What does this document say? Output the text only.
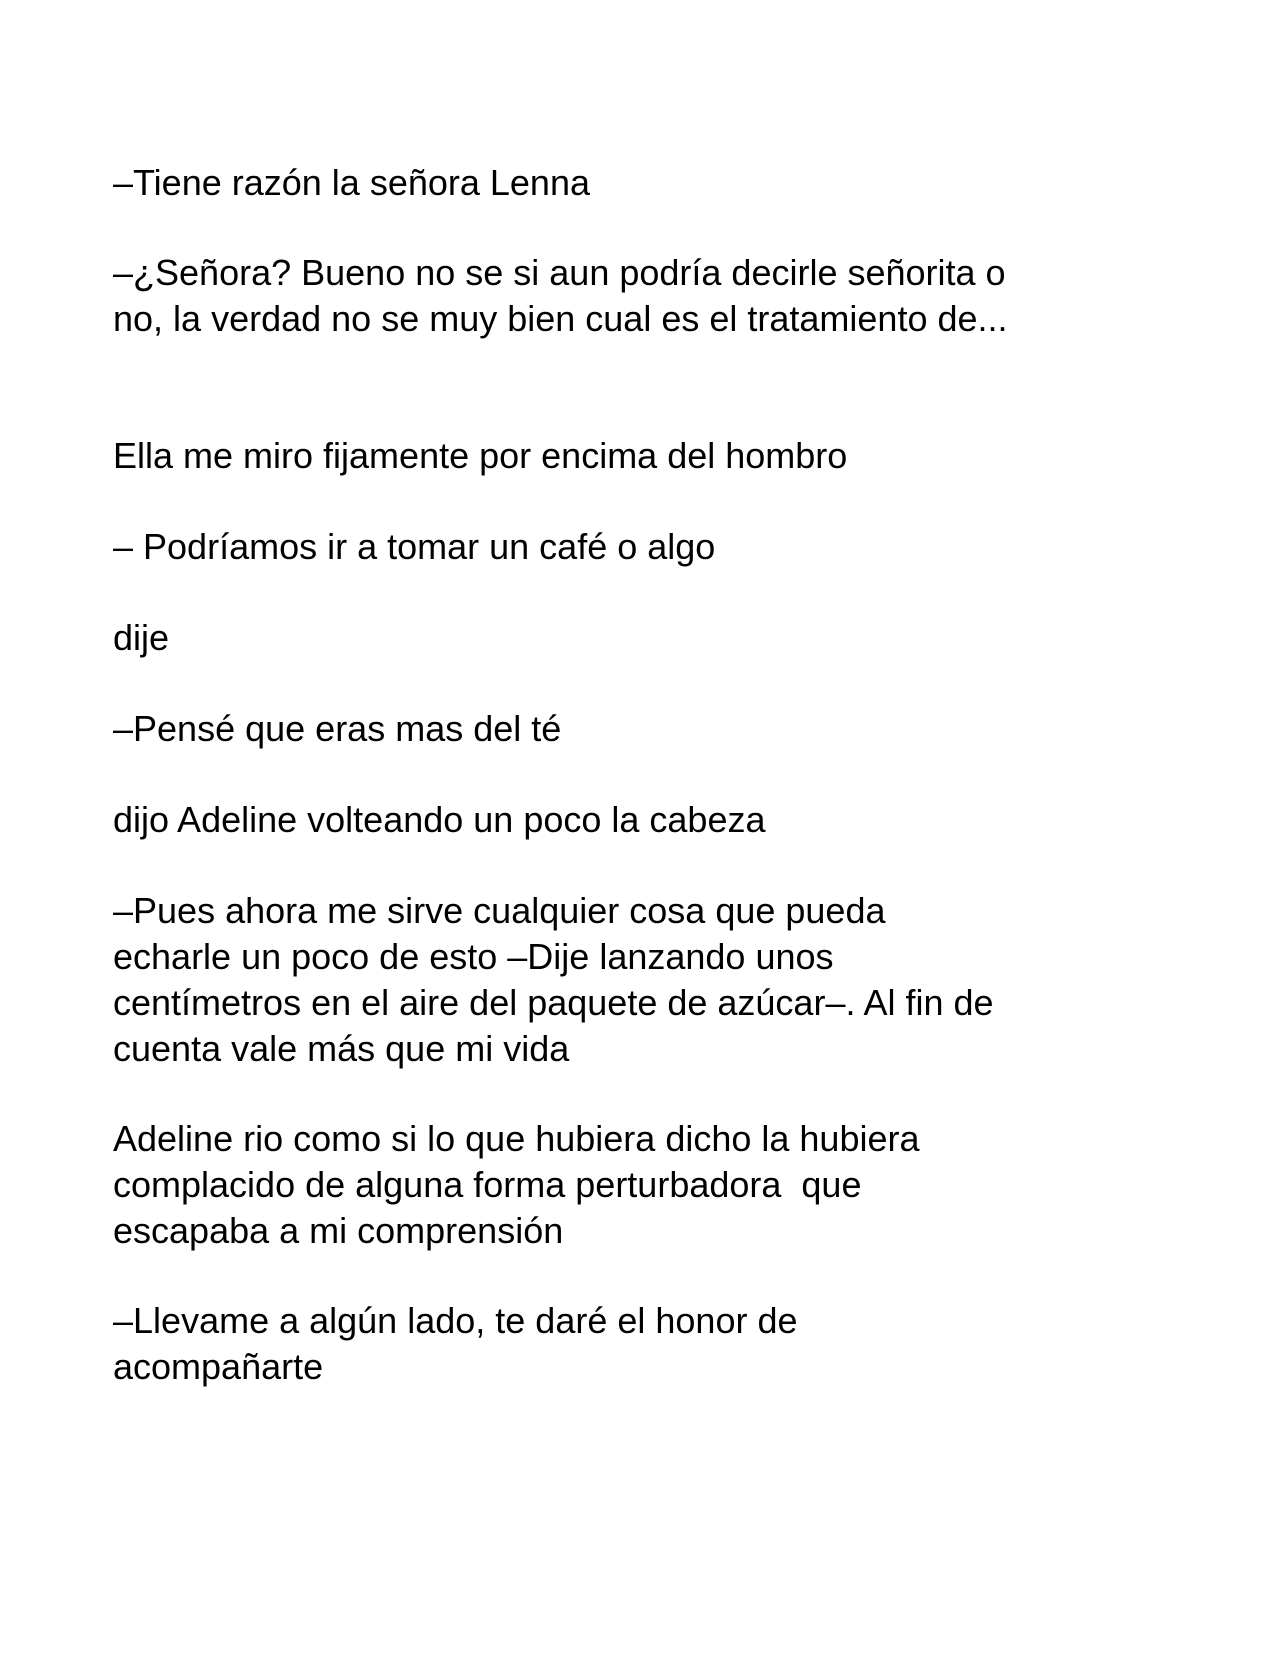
–Tiene razón la señora Lenna
–¿Señora? Bueno no se si aun podría decirle señorita o
no, la verdad no se muy bien cual es el tratamiento de...
Ella me miro fijamente por encima del hombro
– Podríamos ir a tomar un café o algo
dije
–Pensé que eras mas del té
dijo Adeline volteando un poco la cabeza
–Pues ahora me sirve cualquier cosa que pueda
echarle un poco de esto –Dije lanzando unos
centímetros en el aire del paquete de azúcar–. Al fin de
cuenta vale más que mi vida
Adeline rio como si lo que hubiera dicho la hubiera
complacido de alguna forma perturbadora  que
escapaba a mi comprensión
–Llevame a algún lado, te daré el honor de
acompañarte
